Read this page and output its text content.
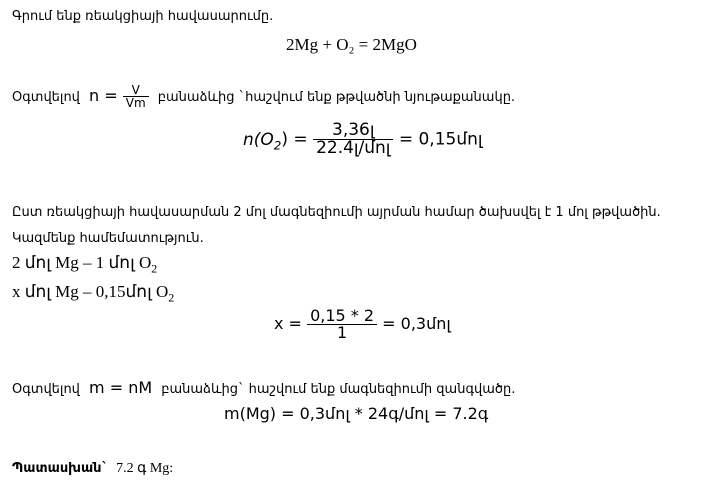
Գրում ենք ռեակցիայի հավասարումը.
2Mg + O₂ = 2MgO
Օգտվելով $n = \frac{V}{Vm}$ բանաձևից `հաշվում ենք թթվածնի նյութաքանակը.
$n(O_2) = \frac{\text{3,36լ}}{\text{22.4լ/մոլ}}$ = 0,15մոլ
Ըստ ռեակցիայի հավասարման 2 մոլ մագնեզիումի այրման համար ծախսվել է 1 մոլ թթվածին.
Կազմենք համեմատություն.
2 մոլ Mg – 1 մոլ $O_2$
x մոլ Mg – 0,15մոլ $O_2$
$x = \frac{0,15 * 2}{1}$ = 0,3մոլ
Օգտվելով m = nM բանաձևից` հաշվում ենք մագնեզիումի զանգվածը.
m(Mg) = 0,3մոլ * 24գ/մոլ = 7.2գ
Պատասխան` 7.2 գ Mg:
